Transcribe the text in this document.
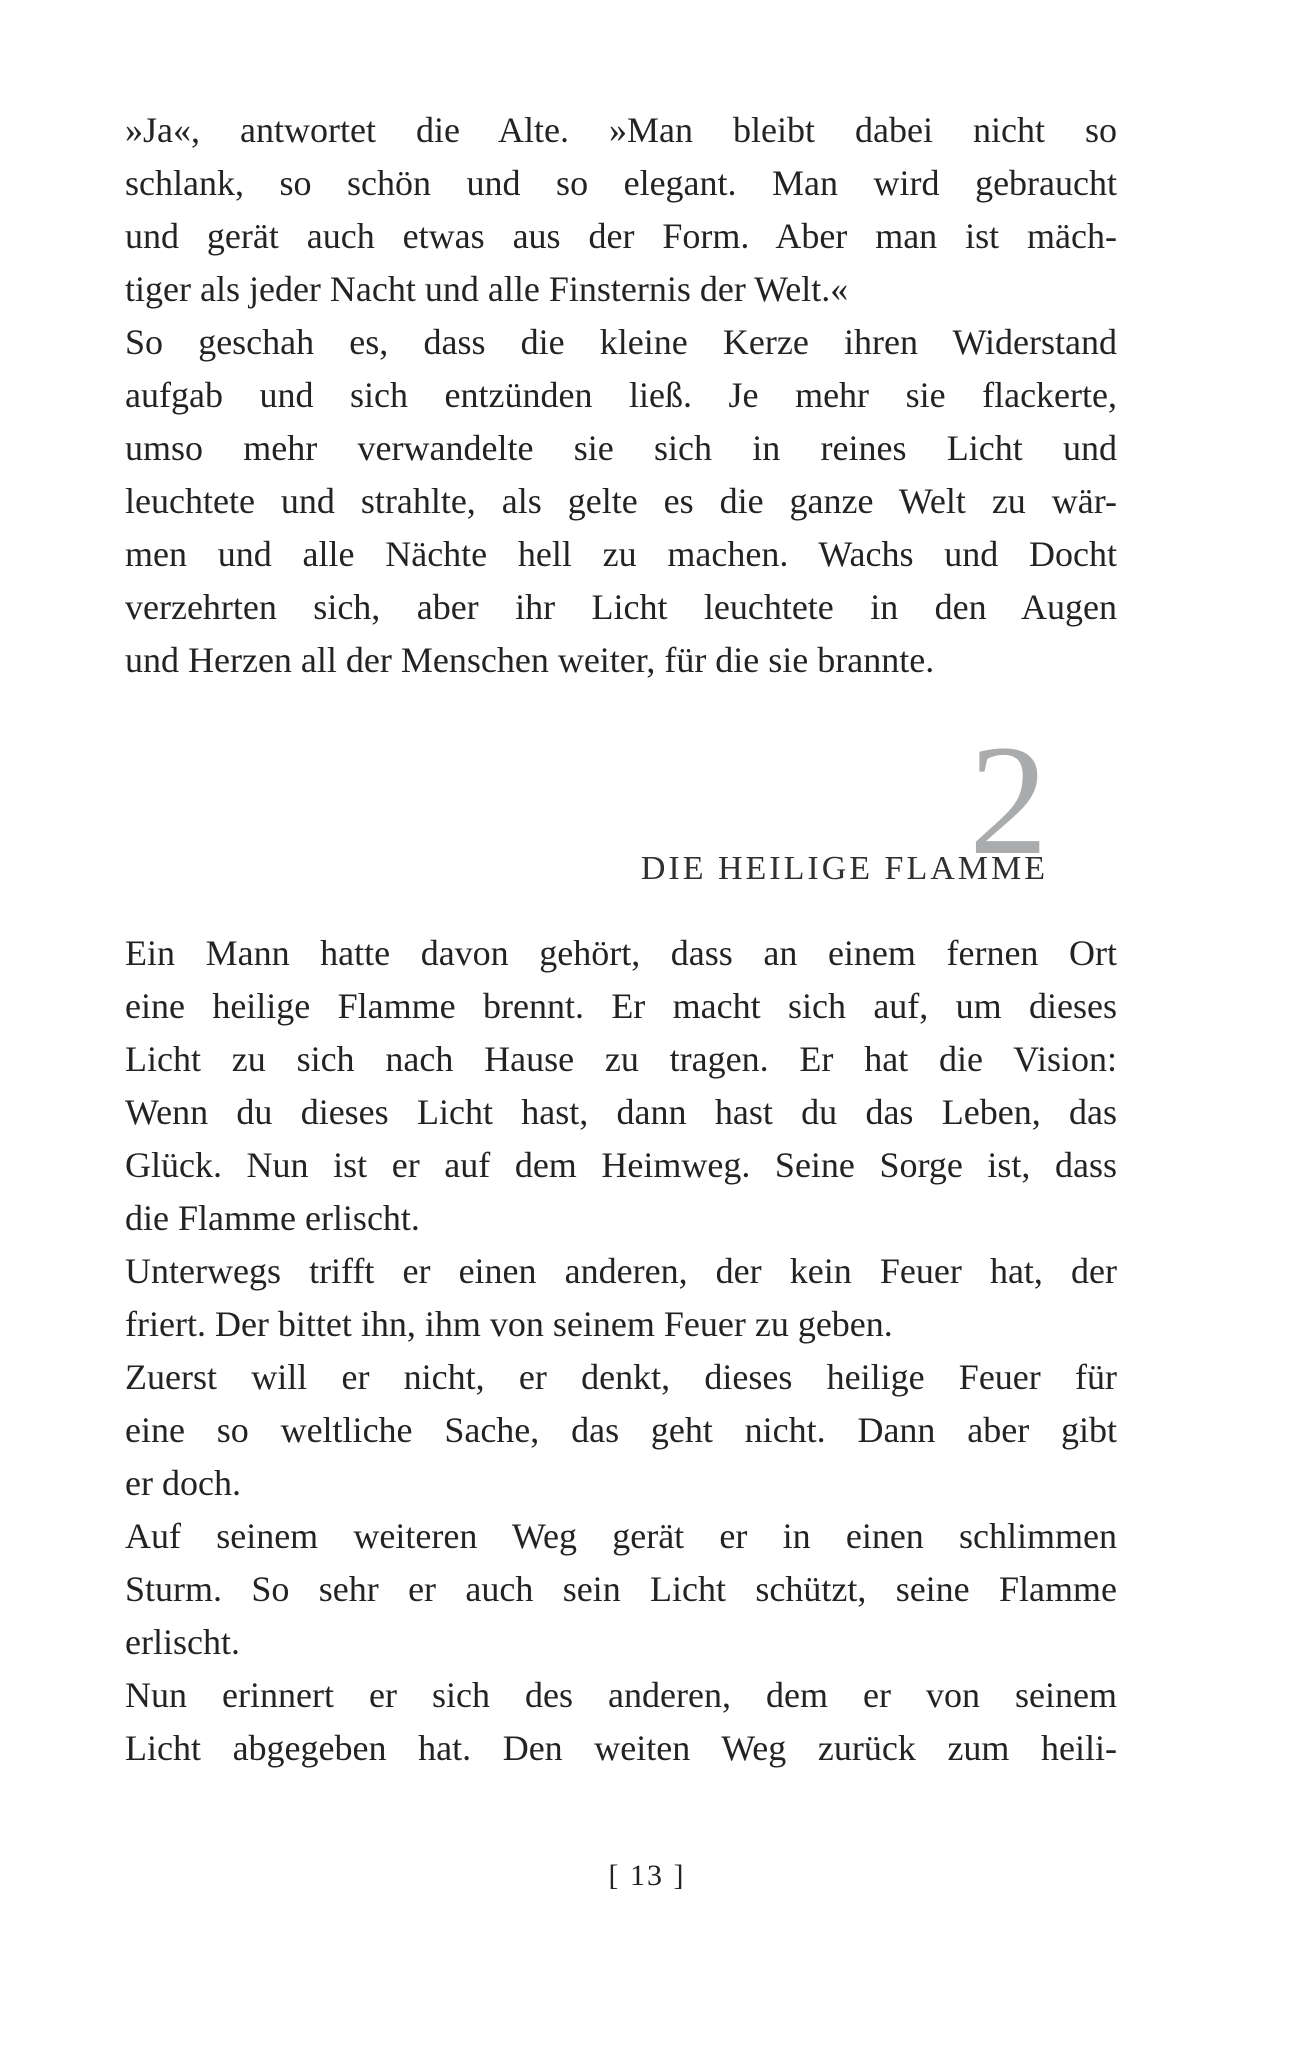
»Ja«, antwortet die Alte. »Man bleibt dabei nicht so
schlank, so schön und so elegant. Man wird gebraucht
und gerät auch etwas aus der Form. Aber man ist mäch-
tiger als jeder Nacht und alle Finsternis der Welt.«
So geschah es, dass die kleine Kerze ihren Widerstand
aufgab und sich entzünden ließ. Je mehr sie flackerte,
umso mehr verwandelte sie sich in reines Licht und
leuchtete und strahlte, als gelte es die ganze Welt zu wär-
men und alle Nächte hell zu machen. Wachs und Docht
verzehrten sich, aber ihr Licht leuchtete in den Augen
und Herzen all der Menschen weiter, für die sie brannte.
2
DIE HEILIGE FLAMME
Ein Mann hatte davon gehört, dass an einem fernen Ort
eine heilige Flamme brennt. Er macht sich auf, um dieses
Licht zu sich nach Hause zu tragen. Er hat die Vision:
Wenn du dieses Licht hast, dann hast du das Leben, das
Glück. Nun ist er auf dem Heimweg. Seine Sorge ist, dass
die Flamme erlischt.
Unterwegs trifft er einen anderen, der kein Feuer hat, der
friert. Der bittet ihn, ihm von seinem Feuer zu geben.
Zuerst will er nicht, er denkt, dieses heilige Feuer für
eine so weltliche Sache, das geht nicht. Dann aber gibt
er doch.
Auf seinem weiteren Weg gerät er in einen schlimmen
Sturm. So sehr er auch sein Licht schützt, seine Flamme
erlischt.
Nun erinnert er sich des anderen, dem er von seinem
Licht abgegeben hat. Den weiten Weg zurück zum heili-
[ 13 ]
